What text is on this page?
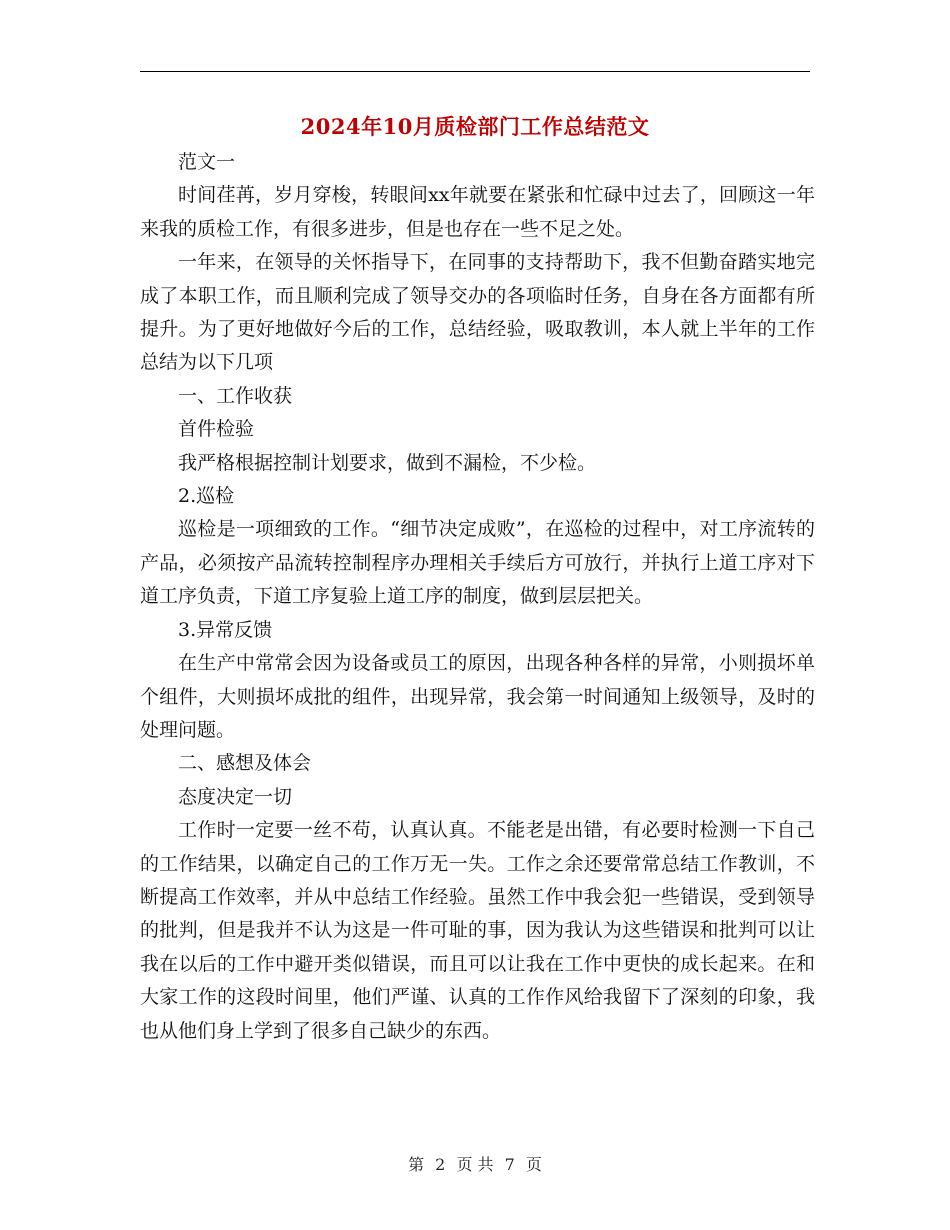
2024年10月质检部门工作总结范文

范文一

时间荏苒，岁月穿梭，转眼间xx年就要在紧张和忙碌中过去了，回顾这一年来我的质检工作，有很多进步，但是也存在一些不足之处。

一年来，在领导的关怀指导下，在同事的支持帮助下，我不但勤奋踏实地完成了本职工作，而且顺利完成了领导交办的各项临时任务，自身在各方面都有所提升。为了更好地做好今后的工作，总结经验，吸取教训，本人就上半年的工作总结为以下几项

一、工作收获

首件检验

我严格根据控制计划要求，做到不漏检，不少检。

2.巡检

巡检是一项细致的工作。“细节决定成败”，在巡检的过程中，对工序流转的产品，必须按产品流转控制程序办理相关手续后方可放行，并执行上道工序对下道工序负责，下道工序复验上道工序的制度，做到层层把关。

3.异常反馈

在生产中常常会因为设备或员工的原因，出现各种各样的异常，小则损坏单个组件，大则损坏成批的组件，出现异常，我会第一时间通知上级领导，及时的处理问题。

二、感想及体会

态度决定一切

工作时一定要一丝不苟，认真认真。不能老是出错，有必要时检测一下自己的工作结果，以确定自己的工作万无一失。工作之余还要常常总结工作教训，不断提高工作效率，并从中总结工作经验。虽然工作中我会犯一些错误，受到领导的批判，但是我并不认为这是一件可耻的事，因为我认为这些错误和批判可以让我在以后的工作中避开类似错误，而且可以让我在工作中更快的成长起来。在和大家工作的这段时间里，他们严谨、认真的工作作风给我留下了深刻的印象，我也从他们身上学到了很多自己缺少的东西。

第 2 页 共 7 页
